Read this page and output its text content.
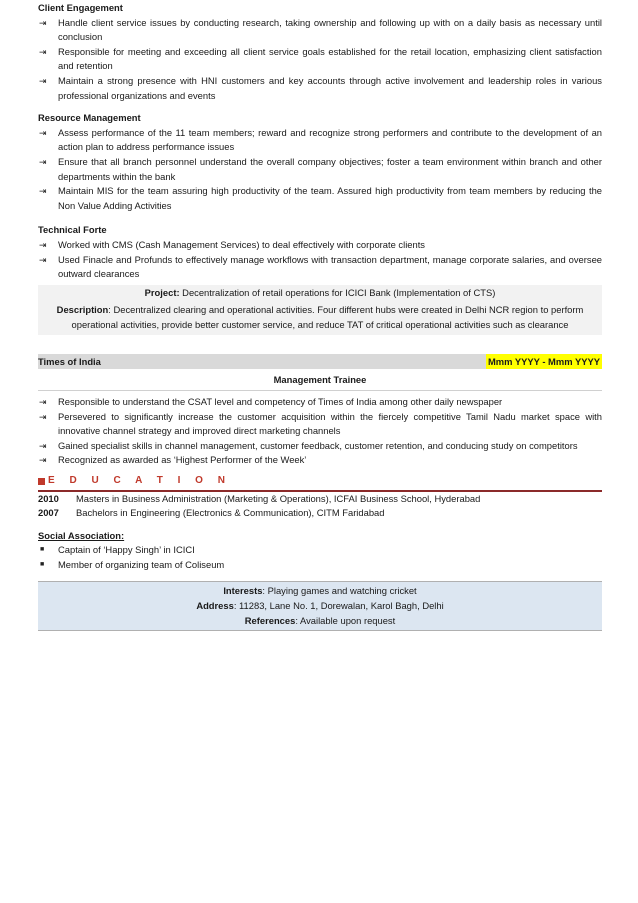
Client Engagement
⇥ Handle client service issues by conducting research, taking ownership and following up with on a daily basis as necessary until conclusion
⇥ Responsible for meeting and exceeding all client service goals established for the retail location, emphasizing client satisfaction and retention
⇥ Maintain a strong presence with HNI customers and key accounts through active involvement and leadership roles in various professional organizations and events
Resource Management
⇥ Assess performance of the 11 team members; reward and recognize strong performers and contribute to the development of an action plan to address performance issues
⇥ Ensure that all branch personnel understand the overall company objectives; foster a team environment within branch and other departments within the bank
⇥ Maintain MIS for the team assuring high productivity of the team. Assured high productivity from team members by reducing the Non Value Adding Activities
Technical Forte
⇥ Worked with CMS (Cash Management Services) to deal effectively with corporate clients
⇥ Used Finacle and Profunds to effectively manage workflows with transaction department, manage corporate salaries, and oversee outward clearances
Project: Decentralization of retail operations for ICICI Bank (Implementation of CTS)
Description: Decentralized clearing and operational activities. Four different hubs were created in Delhi NCR region to perform operational activities, provide better customer service, and reduce TAT of critical operational activities such as clearance
Times of India	Mmm YYYY - Mmm YYYY
Management Trainee
⇥ Responsible to understand the CSAT level and competency of Times of India among other daily newspaper
⇥ Persevered to significantly increase the customer acquisition within the fiercely competitive Tamil Nadu market space with innovative channel strategy and improved direct marketing channels
⇥ Gained specialist skills in channel management, customer feedback, customer retention, and conducing study on competitors
⇥ Recognized as awarded as ‘Highest Performer of the Week’
E D U C A T I O N
2010	Masters in Business Administration (Marketing & Operations), ICFAI Business School, Hyderabad
2007	Bachelors in Engineering (Electronics & Communication), CITM Faridabad
Social Association:
■ Captain of ‘Happy Singh’ in ICICI
■ Member of organizing team of Coliseum
Interests: Playing games and watching cricket
Address: 11283, Lane No. 1, Dorewalan, Karol Bagh, Delhi
References: Available upon request
